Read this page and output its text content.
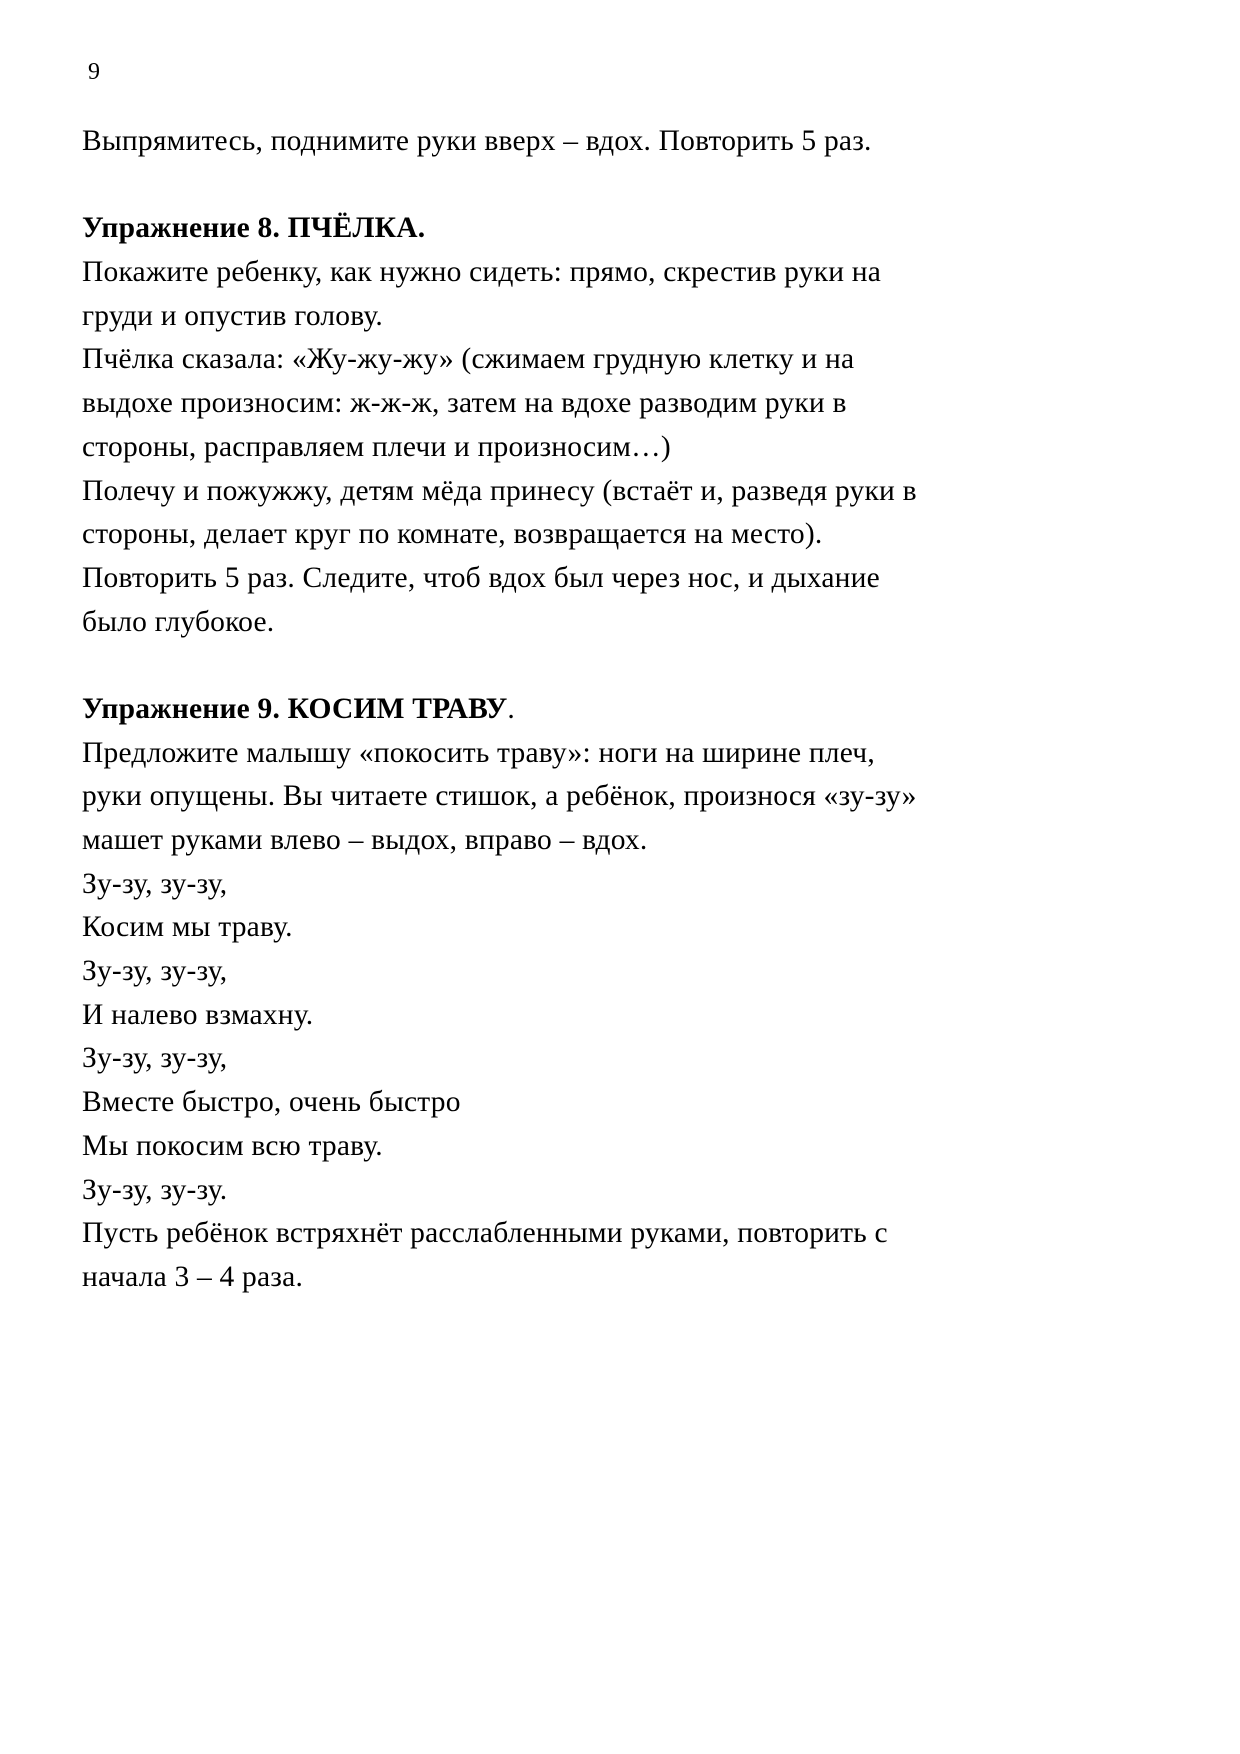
9
Выпрямитесь, поднимите руки вверх – вдох. Повторить 5 раз.
Упражнение 8. ПЧЁЛКА.
Покажите ребенку, как нужно сидеть: прямо, скрестив руки на
груди и опустив голову.
Пчёлка сказала: «Жу-жу-жу» (сжимаем грудную клетку и на
выдохе произносим: ж-ж-ж, затем на вдохе разводим руки в
стороны, расправляем плечи и произносим…)
Полечу и пожужжу, детям мёда принесу (встаёт и, разведя руки в
стороны, делает круг по комнате, возвращается на место).
Повторить 5 раз. Следите, чтоб вдох был через нос, и дыхание
было глубокое.
Упражнение 9. КОСИМ ТРАВУ.
Предложите малышу «покосить траву»: ноги на ширине плеч,
руки опущены. Вы читаете стишок, а ребёнок, произнося «зу-зу»
машет руками влево – выдох, вправо – вдох.
Зу-зу, зу-зу,
Косим мы траву.
Зу-зу, зу-зу,
И налево взмахну.
Зу-зу, зу-зу,
Вместе быстро, очень быстро
Мы покосим всю траву.
Зу-зу, зу-зу.
Пусть ребёнок встряхнёт расслабленными руками, повторить с
начала 3 – 4 раза.
